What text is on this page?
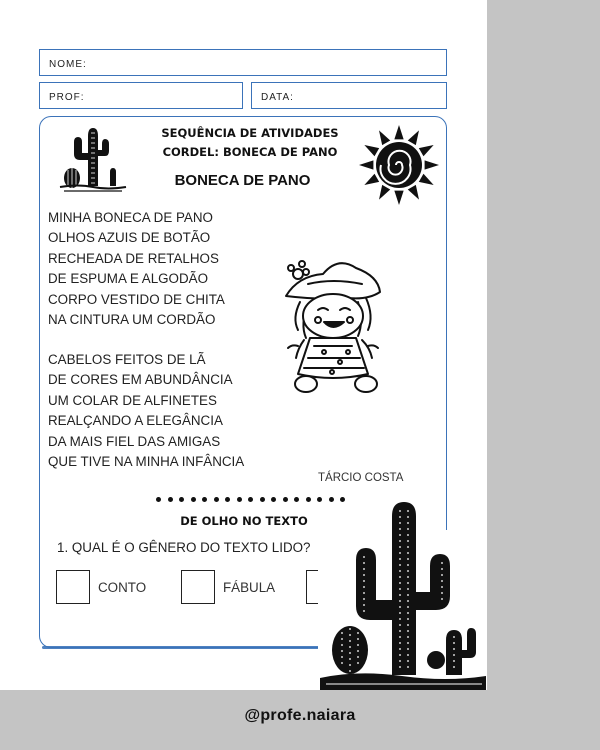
NOME:
PROF:	DATA:
SEQUÊNCIA DE ATIVIDADES
CORDEL: BONECA DE PANO
BONECA DE PANO
MINHA BONECA DE PANO
OLHOS AZUIS DE BOTÃO
RECHEADA DE RETALHOS
DE ESPUMA E ALGODÃO
CORPO VESTIDO DE CHITA
NA CINTURA UM CORDÃO
CABELOS FEITOS DE LÃ
DE CORES EM ABUNDÂNCIA
UM COLAR DE ALFINETES
REALÇANDO A ELEGÂNCIA
DA MAIS FIEL DAS AMIGAS
QUE TIVE NA MINHA INFÂNCIA
TÁRCIO COSTA
DE OLHO NO TEXTO
1. QUAL É O GÊNERO DO TEXTO LIDO?
CONTO	FÁBULA
@profe.naiara
